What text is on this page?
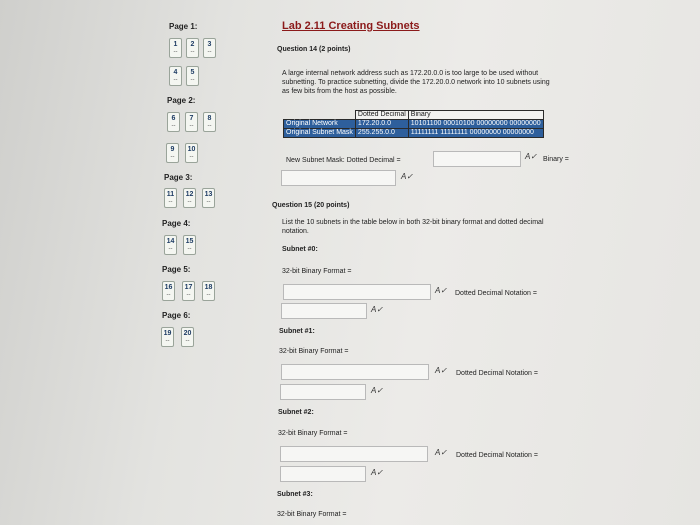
Page 1:
1
--
2
--
3
--
4
--
5
--
Page 2:
6
--
7
--
8
--
9
--
10
--
Page 3:
11
--
12
--
13
--
Page 4:
14
--
15
--
Page 5:
16
--
17
--
18
--
Page 6:
19
--
20
--
Lab 2.11 Creating Subnets
Question 14 (2 points)
A large internal network address such as 172.20.0.0 is too large to be used without
subnetting. To practice subnetting, divide the 172.20.0.0 network into 10 subnets using
as few bits from the host as possible.
	Dotted Decimal	Binary
Original Network	172.20.0.0	10101100 00010100 00000000 00000000
Original Subnet Mask	255.255.0.0	11111111 11111111 00000000 00000000
New Subnet Mask: Dotted Decimal =	A✓ Binary =
A✓
Question 15 (20 points)
List the 10 subnets in the table below in both 32-bit binary format and dotted decimal
notation.
Subnet #0:
32-bit Binary Format =
A✓ Dotted Decimal Notation =
A✓
Subnet #1:
32-bit Binary Format =
A✓ Dotted Decimal Notation =
A✓
Subnet #2:
32-bit Binary Format =
A✓ Dotted Decimal Notation =
A✓
Subnet #3:
32-bit Binary Format =
